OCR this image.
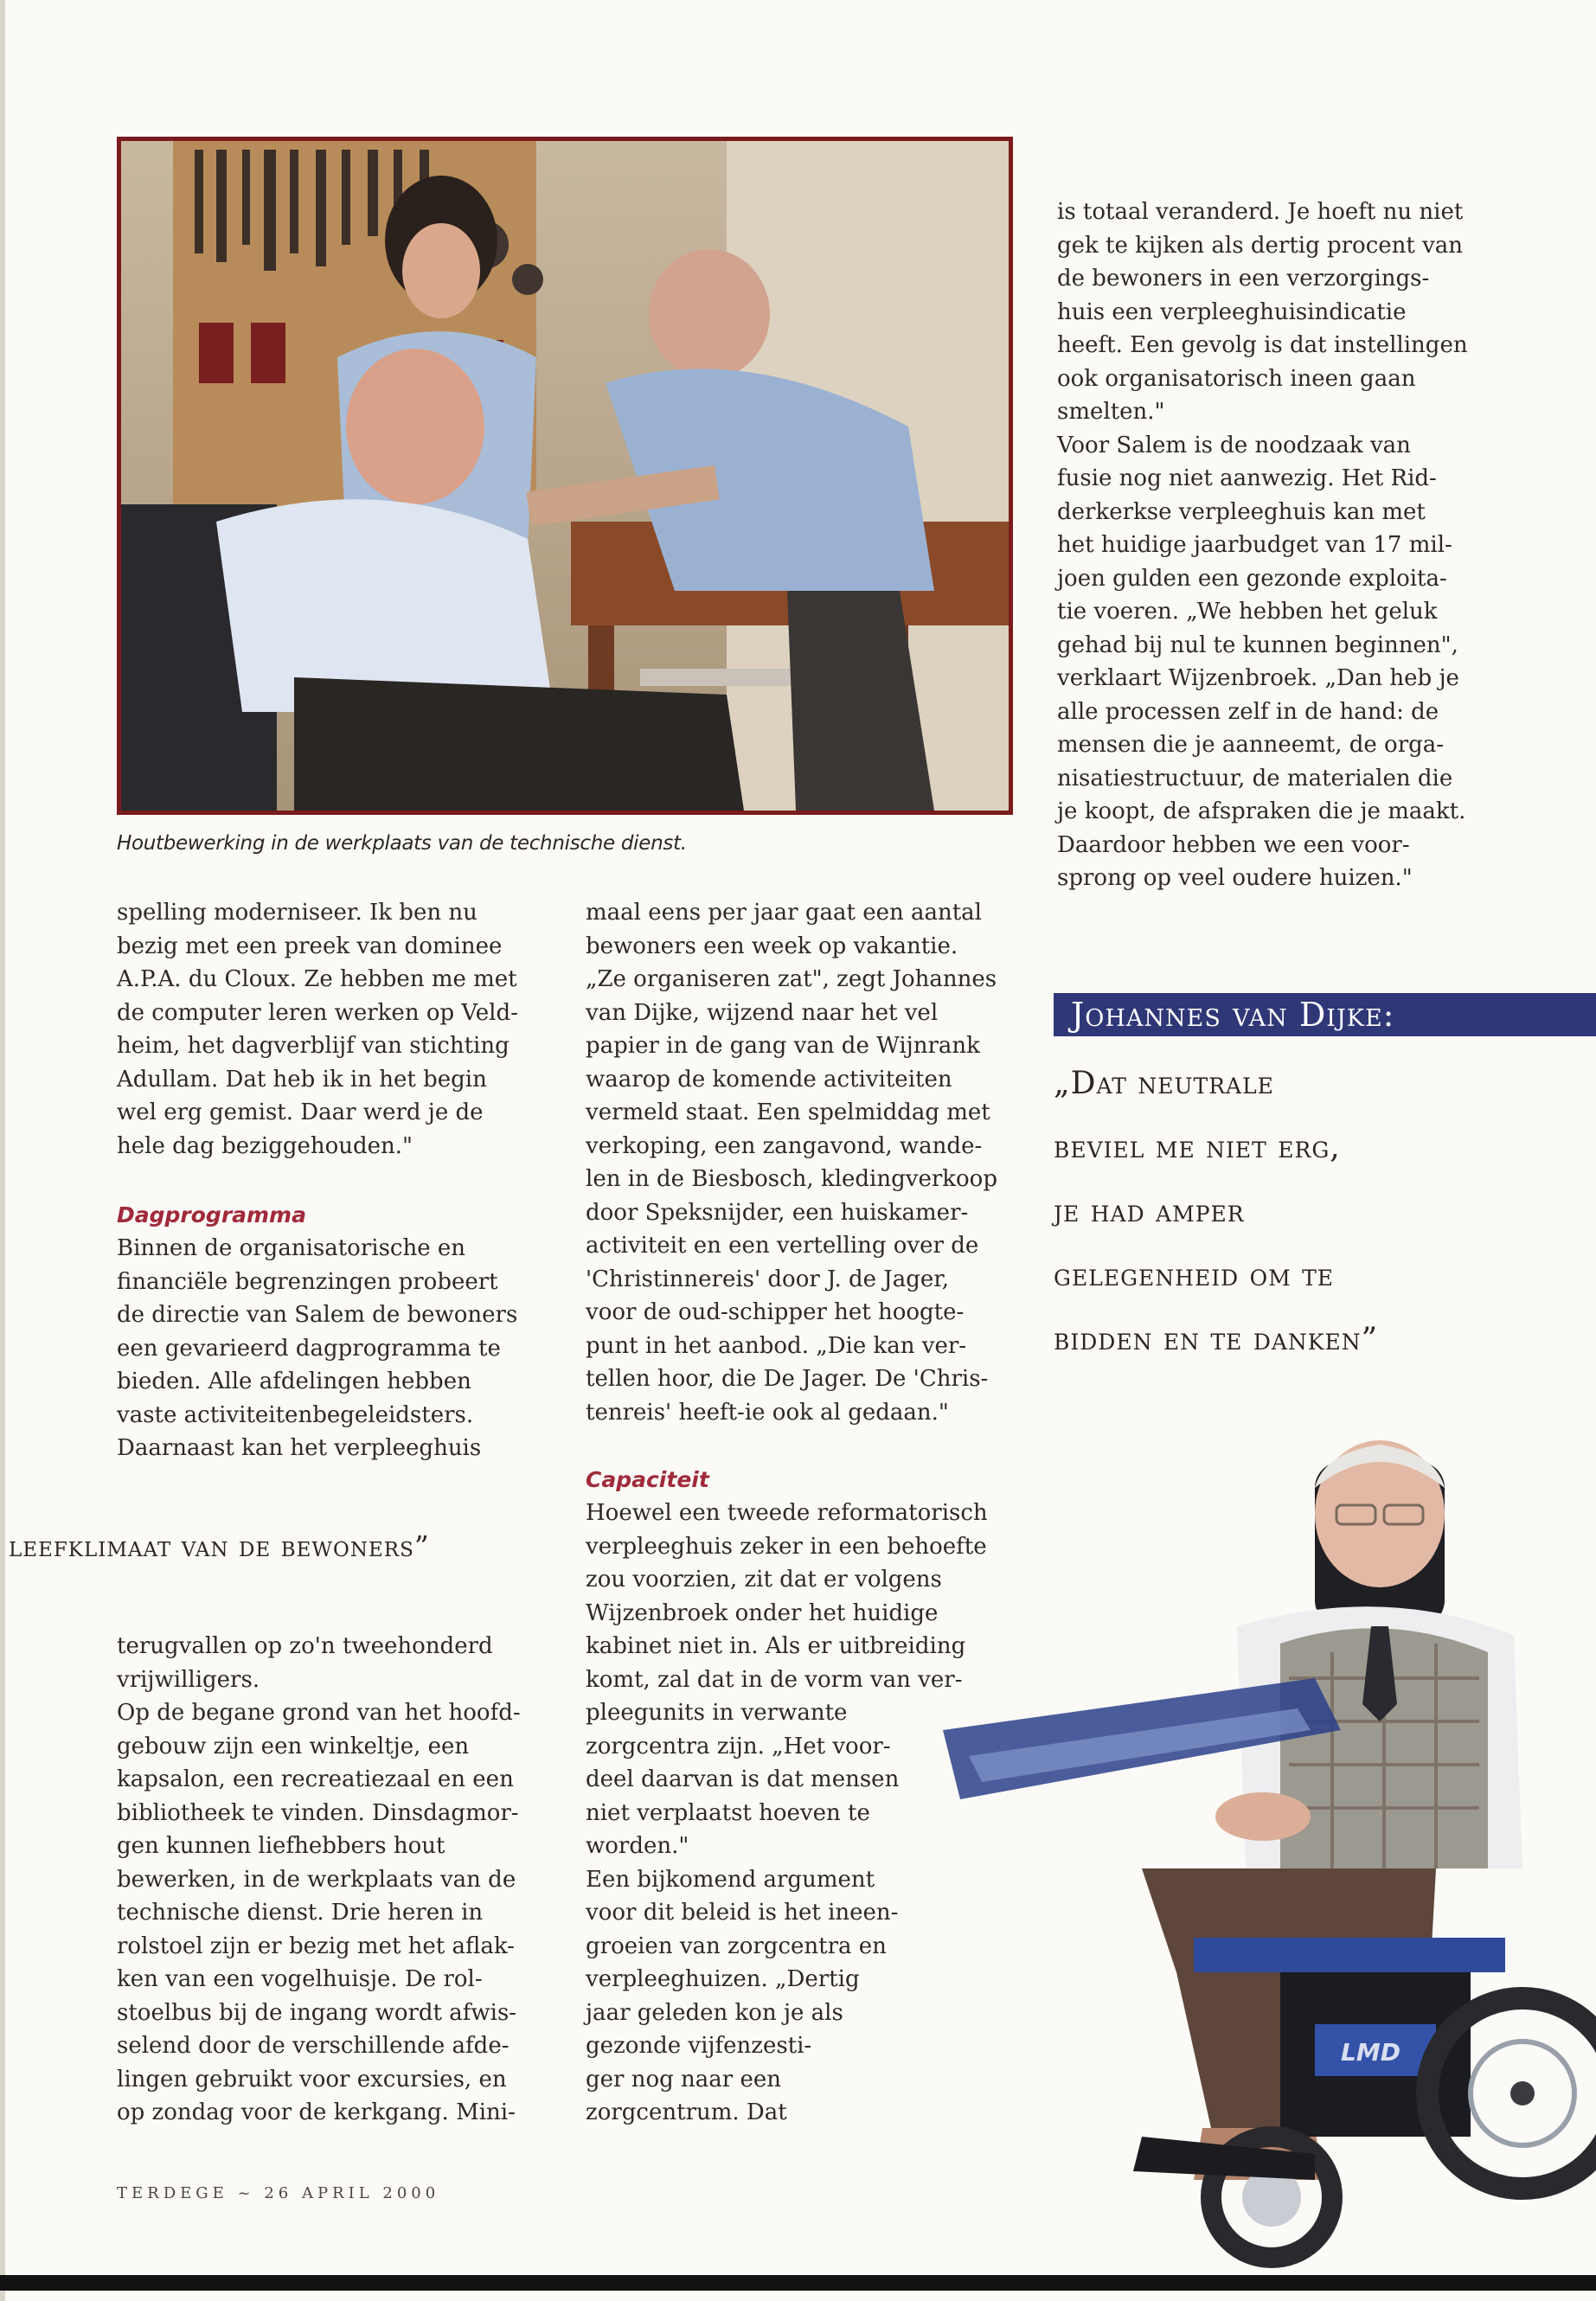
Houtbewerking in de werkplaats van de technische dienst.
spelling moderniseer. Ik ben nu
bezig met een preek van dominee
A.P.A. du Cloux. Ze hebben me met
de computer leren werken op Veld-
heim, het dagverblijf van stichting
Adullam. Dat heb ik in het begin
wel erg gemist. Daar werd je de
hele dag beziggehouden."
Dagprogramma
Binnen de organisatorische en
financiële begrenzingen probeert
de directie van Salem de bewoners
een gevarieerd dagprogramma te
bieden. Alle afdelingen hebben
vaste activiteitenbegeleidsters.
Daarnaast kan het verpleeghuis
leefklimaat van de bewoners”
terugvallen op zo'n tweehonderd
vrijwilligers.
Op de begane grond van het hoofd-
gebouw zijn een winkeltje, een
kapsalon, een recreatiezaal en een
bibliotheek te vinden. Dinsdagmor-
gen kunnen liefhebbers hout
bewerken, in de werkplaats van de
technische dienst. Drie heren in
rolstoel zijn er bezig met het aflak-
ken van een vogelhuisje. De rol-
stoelbus bij de ingang wordt afwis-
selend door de verschillende afde-
lingen gebruikt voor excursies, en
op zondag voor de kerkgang. Mini-
maal eens per jaar gaat een aantal
bewoners een week op vakantie.
„Ze organiseren zat", zegt Johannes
van Dijke, wijzend naar het vel
papier in de gang van de Wijnrank
waarop de komende activiteiten
vermeld staat. Een spelmiddag met
verkoping, een zangavond, wande-
len in de Biesbosch, kledingverkoop
door Speksnijder, een huiskamer-
activiteit en een vertelling over de
'Christinnereis' door J. de Jager,
voor de oud-schipper het hoogte-
punt in het aanbod. „Die kan ver-
tellen hoor, die De Jager. De 'Chris-
tenreis' heeft-ie ook al gedaan."
Capaciteit
Hoewel een tweede reformatorisch
verpleeghuis zeker in een behoefte
zou voorzien, zit dat er volgens
Wijzenbroek onder het huidige
kabinet niet in. Als er uitbreiding
komt, zal dat in de vorm van ver-
pleegunits in verwante
zorgcentra zijn. „Het voor-
deel daarvan is dat mensen
niet verplaatst hoeven te
worden."
Een bijkomend argument
voor dit beleid is het ineen-
groeien van zorgcentra en
verpleeghuizen. „Dertig
jaar geleden kon je als
gezonde vijfenzesti-
ger nog naar een
zorgcentrum. Dat
is totaal veranderd. Je hoeft nu niet
gek te kijken als dertig procent van
de bewoners in een verzorgings-
huis een verpleeghuisindicatie
heeft. Een gevolg is dat instellingen
ook organisatorisch ineen gaan
smelten."
Voor Salem is de noodzaak van
fusie nog niet aanwezig. Het Rid-
derkerkse verpleeghuis kan met
het huidige jaarbudget van 17 mil-
joen gulden een gezonde exploita-
tie voeren. „We hebben het geluk
gehad bij nul te kunnen beginnen",
verklaart Wijzenbroek. „Dan heb je
alle processen zelf in de hand: de
mensen die je aanneemt, de orga-
nisatiestructuur, de materialen die
je koopt, de afspraken die je maakt.
Daardoor hebben we een voor-
sprong op veel oudere huizen."
Johannes van Dijke:
„Dat neutrale
beviel me niet erg,
je had amper
gelegenheid om te
bidden en te danken”
LMD
TERDEGE ~ 26 APRIL 2000
